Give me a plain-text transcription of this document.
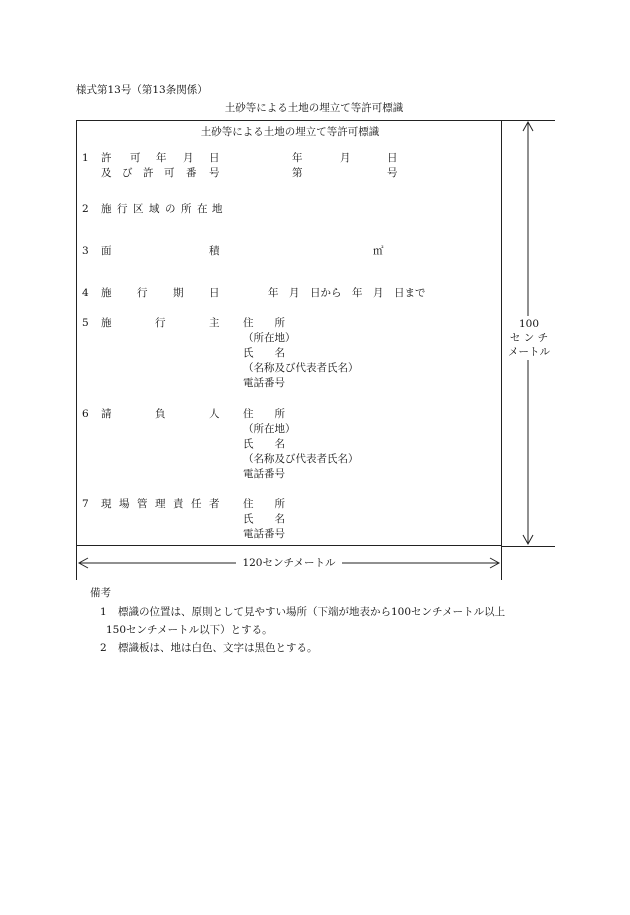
様式第13号（第13条関係）
土砂等による土地の埋立て等許可標識
土砂等による土地の埋立て等許可標識
1 許 可 年 月 日
及 び 許 可 番 号
年	月	日
第	号
2 施 行 区 域 の 所 在 地
3 面	積	㎡
4 施 行 期 日	年　月　日から　年　月　日まで
5 施	行	主 住　　所
（所在地）
氏　　名
（名称及び代表者氏名）
電話番号
6 請	負	人 住　　所
（所在地）
氏　　名
（名称及び代表者氏名）
電話番号
7 現 場 管 理 責 任 者 住　　所
氏　　名
電話番号
100
セ ン チ
メートル
120センチメートル
備考
1 標識の位置は、原則として見やすい場所（下端が地表から100センチメートル以上
150センチメートル以下）とする。
2 標識板は、地は白色、文字は黒色とする。
